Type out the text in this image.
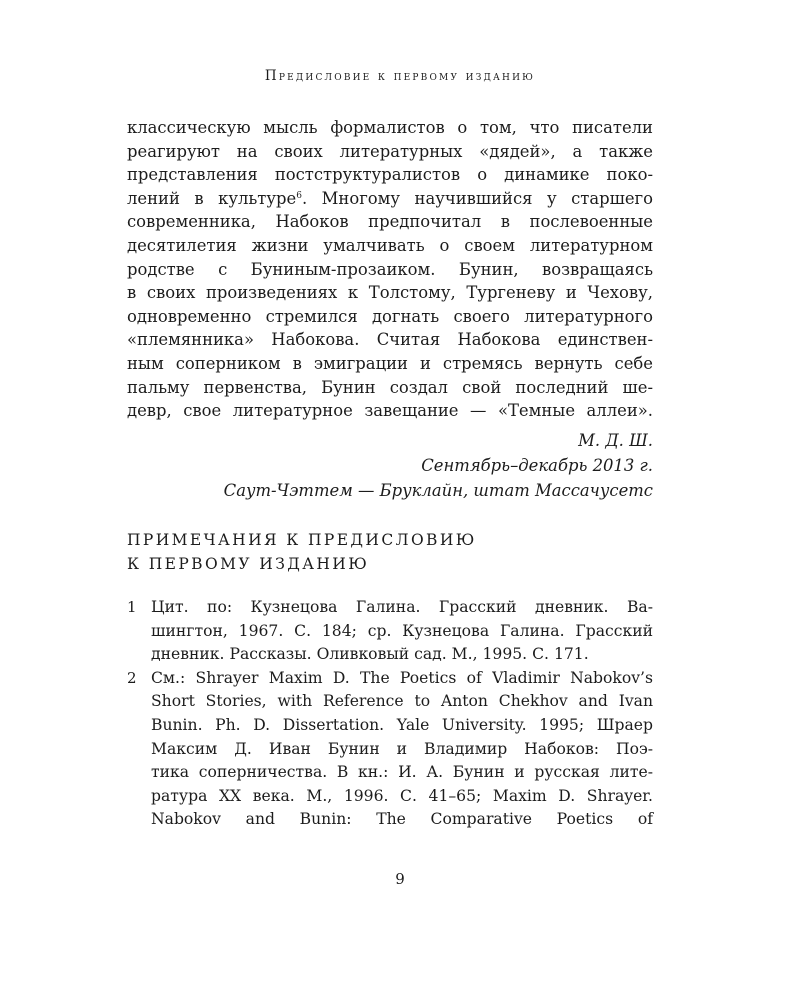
Предисловие к первому изданию
классическую мысль формалистов о том, что писатели
реагируют на своих литературных «дядей», а также
представления постструктуралистов о динамике поко-
лений в культуре$^6$. Многому научившийся у старшего
современника, Набоков предпочитал в послевоенные
десятилетия жизни умалчивать о своем литературном
родстве с Буниным-прозаиком. Бунин, возвращаясь
в своих произведениях к Толстому, Тургеневу и Чехову,
одновременно стремился догнать своего литературного
«племянника» Набокова. Считая Набокова единствен-
ным соперником в эмиграции и стремясь вернуть себе
пальму первенства, Бунин создал свой последний ше-
девр, свое литературное завещание — «Темные аллеи».
М. Д. Ш.
Сентябрь–декабрь 2013 г.
Саут-Чэттем — Бруклайн, штат Массачусетс
ПРИМЕЧАНИЯ К ПРЕДИСЛОВИЮ
К ПЕРВОМУ ИЗДАНИЮ
1 Цит. по: Кузнецова Галина. Грасский дневник. Ва-
шингтон, 1967. С. 184; ср. Кузнецова Галина. Грасский
дневник. Рассказы. Оливковый сад. М., 1995. С. 171.
2 См.: Shrayer Maxim D. The Poetics of Vladimir Nabokov’s
Short Stories, with Reference to Anton Chekhov and Ivan
Bunin. Ph. D. Dissertation. Yale University. 1995; Шраер
Максим Д. Иван Бунин и Владимир Набоков: Поэ-
тика соперничества. В кн.: И. А. Бунин и русская лите-
ратура XX века. М., 1996. С. 41–65; Maxim D. Shrayer.
Nabokov and Bunin: The Comparative Poetics of
9
